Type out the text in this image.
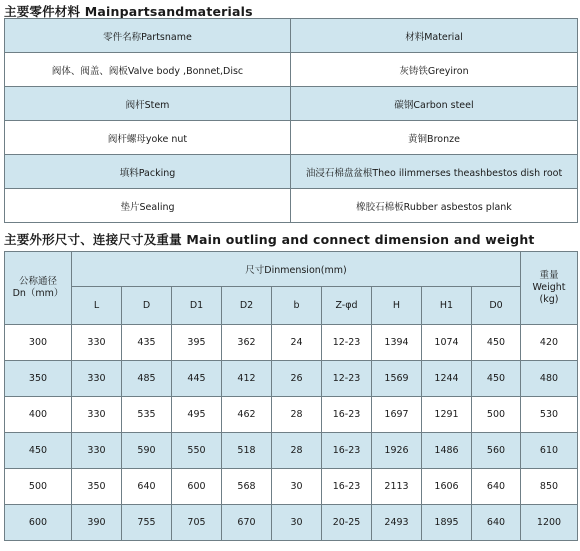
主要零件材料 Mainpartsandmaterials
零件名称Partsname	材料Material
阀体、阀盖、阀板Valve body ,Bonnet,Disc	灰铸铁Greyiron
阀杆Stem	碳钢Carbon steel
阀杆螺母yoke nut	黄铜Bronze
填料Packing	油浸石棉盘盆根Theo ilimmerses theashbestos dish root
垫片Sealing	橡胶石棉板Rubber asbestos plank
主要外形尺寸、连接尺寸及重量 Main outling and connect dimension and weight
公称通径
Dn（mm）	尺寸Dinmension(mm)									重量
Weight
(kg)
	L	D	D1	D2	b	Z-φd	H	H1	D0	
300	330	435	395	362	24	12-23	1394	1074	450	420
350	330	485	445	412	26	12-23	1569	1244	450	480
400	330	535	495	462	28	16-23	1697	1291	500	530
450	330	590	550	518	28	16-23	1926	1486	560	610
500	350	640	600	568	30	16-23	2113	1606	640	850
600	390	755	705	670	30	20-25	2493	1895	640	1200
